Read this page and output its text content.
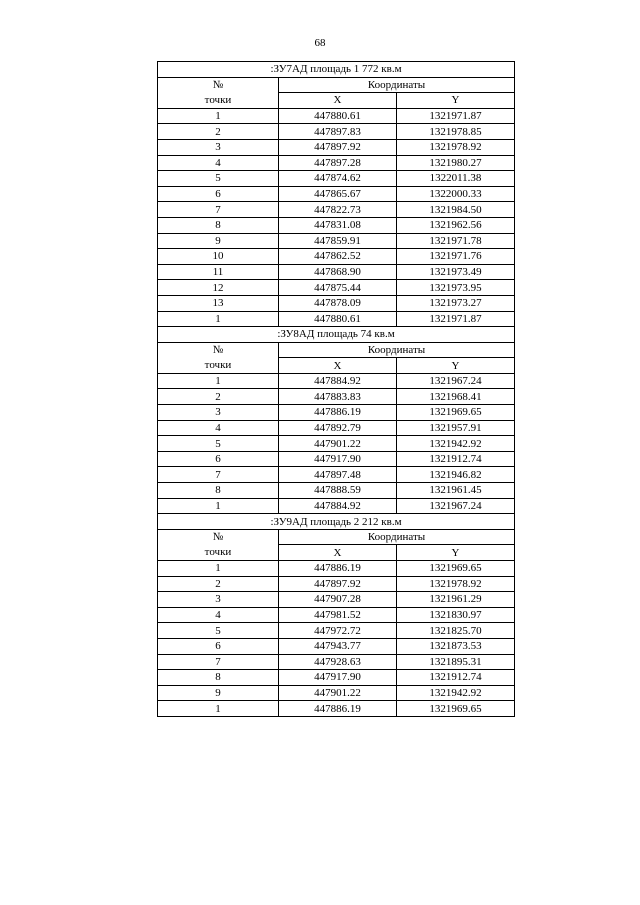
68
:ЗУ7АД площадь 1 772 кв.м		

№
точки	Координаты	
	X	Y
1	447880.61	1321971.87
2	447897.83	1321978.85
3	447897.92	1321978.92
4	447897.28	1321980.27
5	447874.62	1322011.38
6	447865.67	1322000.33
7	447822.73	1321984.50
8	447831.08	1321962.56
9	447859.91	1321971.78
10	447862.52	1321971.76
11	447868.90	1321973.49
12	447875.44	1321973.95
13	447878.09	1321973.27
1	447880.61	1321971.87
:ЗУ8АД площадь 74 кв.м		

№
точки	Координаты	
	X	Y
1	447884.92	1321967.24
2	447883.83	1321968.41
3	447886.19	1321969.65
4	447892.79	1321957.91
5	447901.22	1321942.92
6	447917.90	1321912.74
7	447897.48	1321946.82
8	447888.59	1321961.45
1	447884.92	1321967.24
:ЗУ9АД площадь 2 212 кв.м		

№
точки	Координаты	
	X	Y
1	447886.19	1321969.65
2	447897.92	1321978.92
3	447907.28	1321961.29
4	447981.52	1321830.97
5	447972.72	1321825.70
6	447943.77	1321873.53
7	447928.63	1321895.31
8	447917.90	1321912.74
9	447901.22	1321942.92
1	447886.19	1321969.65
